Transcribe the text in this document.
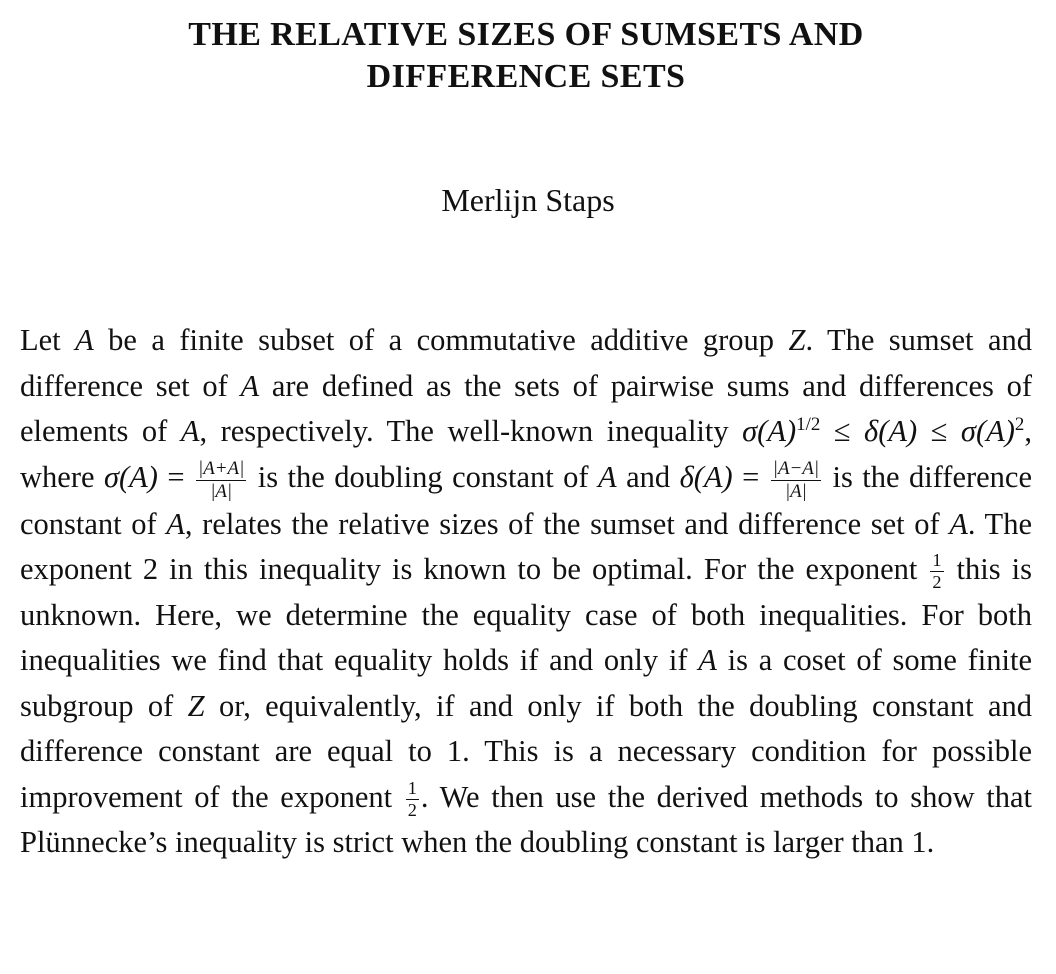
THE RELATIVE SIZES OF SUMSETS AND
DIFFERENCE SETS

Merlijn Staps

Let A be a finite subset of a commutative additive group Z. The sumset and difference set of A are defined as the sets of pairwise sums and differences of elements of A, respectively. The well-known inequality $\sigma(A)^{1/2} \le \delta(A) \le \sigma(A)^2$, where $\sigma(A) = \frac{|A+A|}{|A|}$ is the doubling constant of A and $\delta(A) = \frac{|A-A|}{|A|}$ is the difference constant of A, relates the relative sizes of the sumset and difference set of A. The exponent 2 in this inequality is known to be optimal. For the exponent $\frac{1}{2}$ this is unknown. Here, we determine the equality case of both inequalities. For both inequalities we find that equality holds if and only if A is a coset of some finite subgroup of Z or, equivalently, if and only if both the doubling constant and difference constant are equal to 1. This is a necessary condition for possible improvement of the exponent $\frac{1}{2}$ . We then use the derived methods to show that Plünnecke’s inequality is strict when the doubling constant is larger than 1.
